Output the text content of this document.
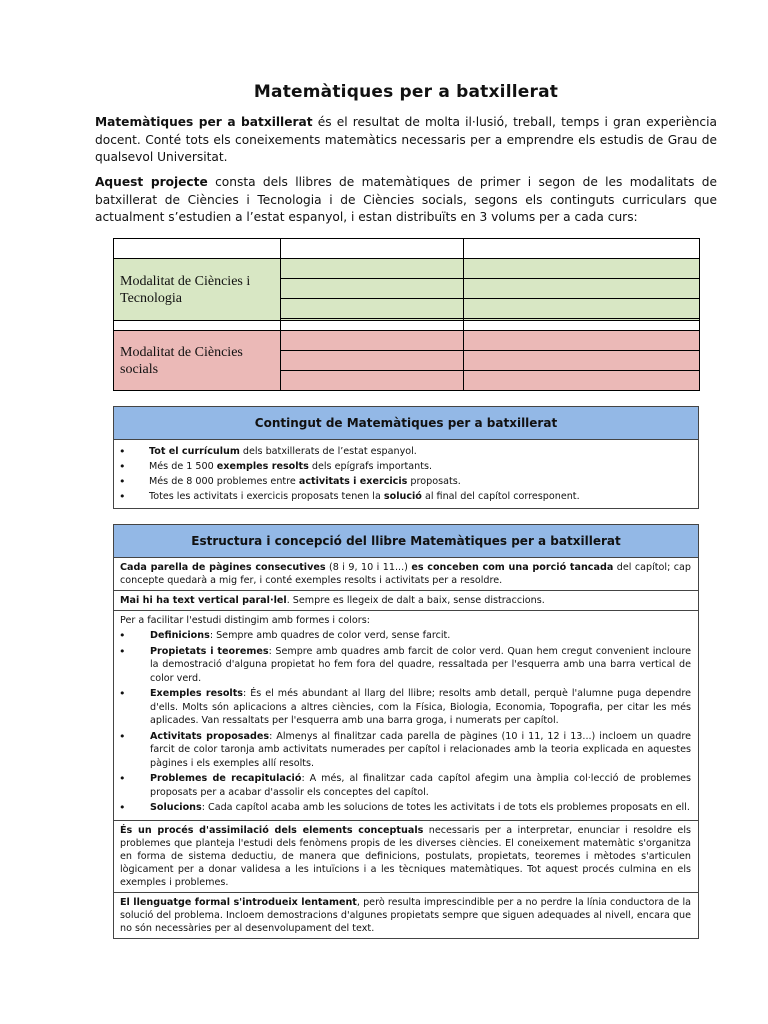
Matemàtiques per a batxillerat

Matemàtiques per a batxillerat és el resultat de molta il·lusió, treball, temps i gran experiència docent. Conté tots els coneixements matemàtics necessaris per a emprendre els estudis de Grau de qualsevol Universitat.

Aquest projecte consta dels llibres de matemàtiques de primer i segon de les modalitats de batxillerat de Ciències i Tecnologia i de Ciències socials, segons els continguts curriculars que actualment s’estudien a l’estat espanyol, i estan distribuïts en 3 volums per a cada curs:

Modalitat de Ciències i Tecnologia		

Modalitat de Ciències socials		

Contingut de Matemàtiques per a batxillerat
• Tot el currículum dels batxillerats de l’estat espanyol.
• Més de 1 500 exemples resolts dels epígrafs importants.
• Més de 8 000 problemes entre activitats i exercicis proposats.
• Totes les activitats i exercicis proposats tenen la solució al final del capítol corresponent.
Estructura i concepció del llibre Matemàtiques per a batxillerat
Cada parella de pàgines consecutives (8 i 9, 10 i 11...) es conceben com una porció tancada del capítol; cap concepte quedarà a mig fer, i conté exemples resolts i activitats per a resoldre.
Mai hi ha text vertical paral·lel. Sempre es llegeix de dalt a baix, sense distraccions.
Per a facilitar l'estudi distingim amb formes i colors:
• Definicions: Sempre amb quadres de color verd, sense farcit.
• Propietats i teoremes: Sempre amb quadres amb farcit de color verd. Quan hem cregut convenient incloure la demostració d'alguna propietat ho fem fora del quadre, ressaltada per l'esquerra amb una barra vertical de color verd.
• Exemples resolts: És el més abundant al llarg del llibre; resolts amb detall, perquè l'alumne puga dependre d'ells. Molts són aplicacions a altres ciències, com la Física, Biologia, Economia, Topografia, per citar les més aplicades. Van ressaltats per l'esquerra amb una barra groga, i numerats per capítol.
• Activitats proposades: Almenys al finalitzar cada parella de pàgines (10 i 11, 12 i 13...) incloem un quadre farcit de color taronja amb activitats numerades per capítol i relacionades amb la teoria explicada en aquestes pàgines i els exemples allí resolts.
• Problemes de recapitulació: A més, al finalitzar cada capítol afegim una àmplia col·lecció de problemes proposats per a acabar d'assolir els conceptes del capítol.
• Solucions: Cada capítol acaba amb les solucions de totes les activitats i de tots els problemes proposats en ell.
És un procés d'assimilació dels elements conceptuals necessaris per a interpretar, enunciar i resoldre els problemes que planteja l'estudi dels fenòmens propis de les diverses ciències. El coneixement matemàtic s'organitza en forma de sistema deductiu, de manera que definicions, postulats, propietats, teoremes i mètodes s'articulen lògicament per a donar validesa a les intuïcions i a les tècniques matemàtiques. Tot aquest procés culmina en els exemples i problemes.
El llenguatge formal s'introdueix lentament, però resulta imprescindible per a no perdre la línia conductora de la solució del problema. Incloem demostracions d'algunes propietats sempre que siguen adequades al nivell, encara que no són necessàries per al desenvolupament del text.
